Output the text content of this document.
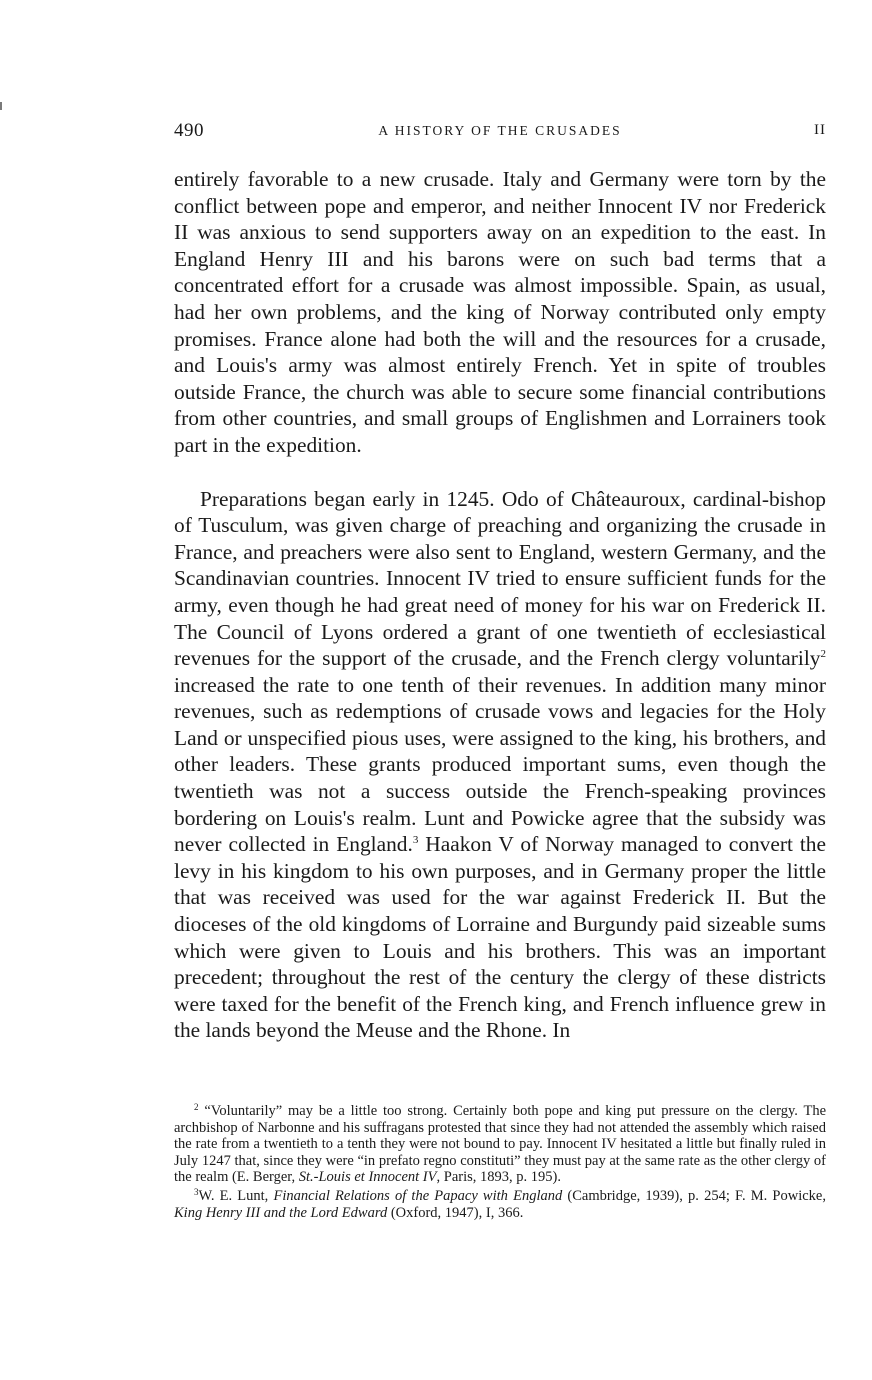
490	A HISTORY OF THE CRUSADES	II

entirely favorable to a new crusade. Italy and Germany were torn by the conflict between pope and emperor, and neither Innocent IV nor Frederick II was anxious to send supporters away on an expedition to the east. In England Henry III and his barons were on such bad terms that a concentrated effort for a crusade was almost impossible. Spain, as usual, had her own problems, and the king of Norway contributed only empty promises. France alone had both the will and the resources for a crusade, and Louis's army was almost entirely French. Yet in spite of troubles outside France, the church was able to secure some financial contributions from other countries, and small groups of Englishmen and Lorrainers took part in the expedition.

Preparations began early in 1245. Odo of Châteauroux, cardinal-bishop of Tusculum, was given charge of preaching and organizing the crusade in France, and preachers were also sent to England, western Germany, and the Scandinavian countries. Innocent IV tried to ensure sufficient funds for the army, even though he had great need of money for his war on Frederick II. The Council of Lyons ordered a grant of one twentieth of ecclesiastical revenues for the support of the crusade, and the French clergy voluntarily$^2$ increased the rate to one tenth of their revenues. In addition many minor revenues, such as redemptions of crusade vows and legacies for the Holy Land or unspecified pious uses, were assigned to the king, his brothers, and other leaders. These grants produced important sums, even though the twentieth was not a success outside the French-speaking provinces bordering on Louis's realm. Lunt and Powicke agree that the subsidy was never collected in England.$^3$ Haakon V of Norway managed to convert the levy in his kingdom to his own purposes, and in Germany proper the little that was received was used for the war against Frederick II. But the dioceses of the old kingdoms of Lorraine and Burgundy paid sizeable sums which were given to Louis and his brothers. This was an important precedent; throughout the rest of the century the clergy of these districts were taxed for the benefit of the French king, and French influence grew in the lands beyond the Meuse and the Rhone. In

$^2$ “Voluntarily” may be a little too strong. Certainly both pope and king put pressure on the clergy. The archbishop of Narbonne and his suffragans protested that since they had not attended the assembly which raised the rate from a twentieth to a tenth they were not bound to pay. Innocent IV hesitated a little but finally ruled in July 1247 that, since they were “in prefato regno constituti” they must pay at the same rate as the other clergy of the realm (E. Berger, St.-Louis et Innocent IV, Paris, 1893, p. 195).

$^3$W. E. Lunt, Financial Relations of the Papacy with England (Cambridge, 1939), p. 254; F. M. Powicke, King Henry III and the Lord Edward (Oxford, 1947), I, 366.
